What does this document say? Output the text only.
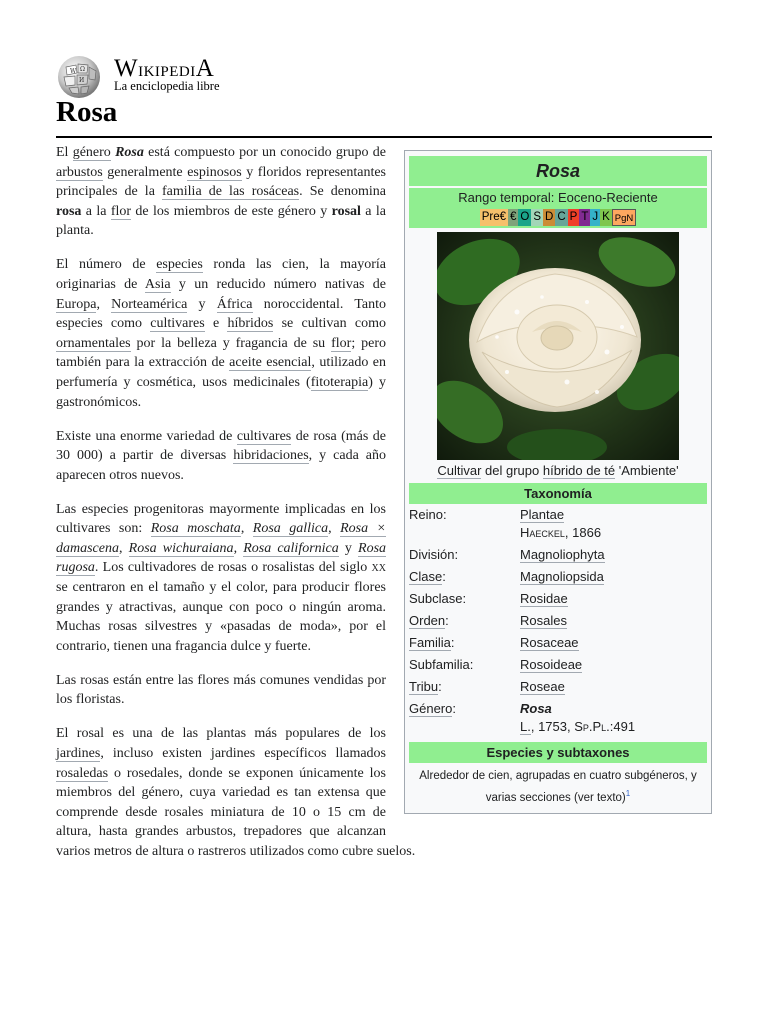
W Ω
И WikipediA
La enciclopedia libre
Rosa
Rosa
Rango temporal: Eoceno-Reciente
Pre€ € O S D C P T J K PgN
Cultivar del grupo híbrido de té 'Ambiente'
Taxonomía
Reino:	Plantae
Haeckel, 1866

División:	Magnoliophyta
Clase:	Magnoliopsida
Subclase:	Rosidae
Orden:	Rosales
Familia:	Rosaceae
Subfamilia:	Rosoideae
Tribu:	Roseae
Género:	Rosa
L., 1753, Sp.Pl.:491
Especies y subtaxones
Alrededor de cien, agrupadas en cuatro subgéneros, y varias secciones (ver texto)$^1$

El género Rosa está compuesto por un conocido grupo de arbustos generalmente espinosos y floridos representantes principales de la familia de las rosáceas. Se denomina rosa a la flor de los miembros de este género y rosal a la planta.

El número de especies ronda las cien, la mayoría originarias de Asia y un reducido número nativas de Europa, Norteamérica y África noroccidental. Tanto especies como cultivares e híbridos se cultivan como ornamentales por la belleza y fragancia de su flor; pero también para la extracción de aceite esencial, utilizado en perfumería y cosmética, usos medicinales (fitoterapia) y gastronómicos.

Existe una enorme variedad de cultivares de rosa (más de 30 000) a partir de diversas hibridaciones, y cada año aparecen otros nuevos.

Las especies progenitoras mayormente implicadas en los cultivares son: Rosa moschata, Rosa gallica, Rosa × damascena, Rosa wichuraiana, Rosa californica y Rosa rugosa. Los cultivadores de rosas o rosalistas del siglo xx se centraron en el tamaño y el color, para producir flores grandes y atractivas, aunque con poco o ningún aroma. Muchas rosas silvestres y «pasadas de moda», por el contrario, tienen una fragancia dulce y fuerte.

Las rosas están entre las flores más comunes vendidas por los floristas.

El rosal es una de las plantas más populares de los jardines, incluso existen jardines específicos llamados rosaledas o rosedales, donde se exponen únicamente los miembros del género, cuya variedad es tan extensa que comprende desde rosales miniatura de 10 o 15 cm de altura, hasta grandes arbustos, trepadores que alcanzan varios metros de altura o rastreros utilizados como cubre suelos.
